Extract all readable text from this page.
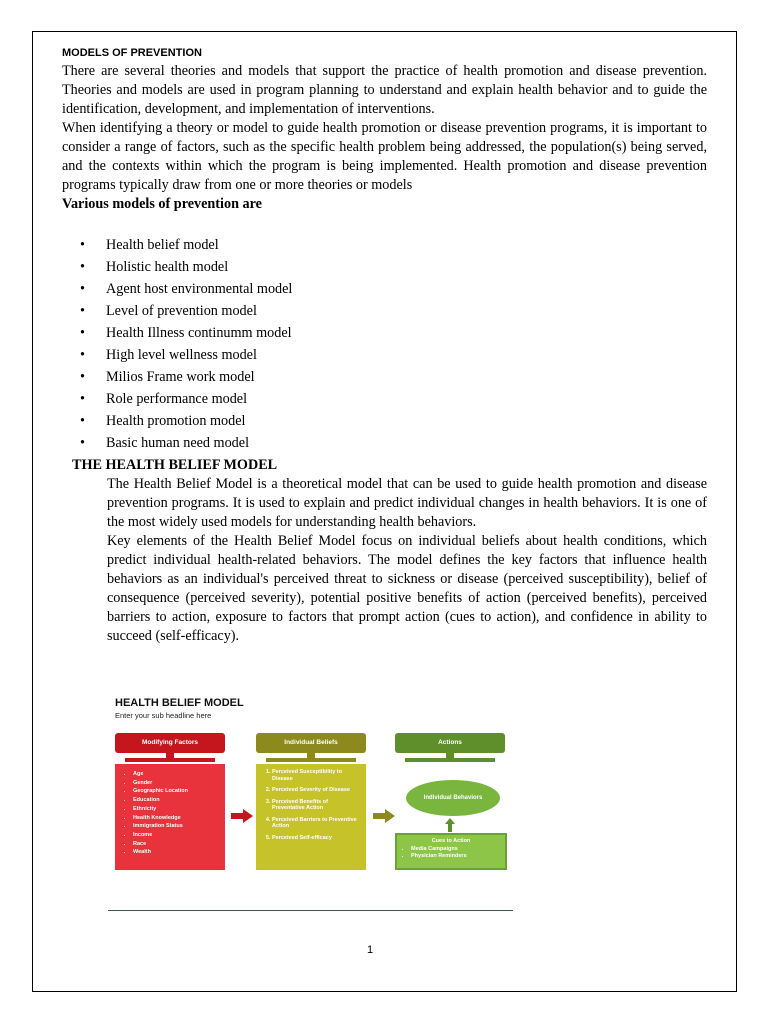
MODELS OF PREVENTION

There are several theories and models that support the practice of health promotion and disease prevention. Theories and models are used in program planning to understand and explain health behavior and to guide the identification, development, and implementation of interventions.

When identifying a theory or model to guide health promotion or disease prevention programs, it is important to consider a range of factors, such as the specific health problem being addressed, the population(s) being served, and the contexts within which the program is being implemented. Health promotion and disease prevention programs typically draw from one or more theories or models

Various models of prevention are
• Health belief model
• Holistic health model
• Agent host environmental model
• Level of prevention model
• Health Illness continumm model
• High level wellness model
• Milios Frame work model
• Role performance model
• Health promotion model
• Basic human need model
THE HEALTH BELIEF MODEL

The Health Belief Model is a theoretical model that can be used to guide health promotion and disease prevention programs. It is used to explain and predict individual changes in health behaviors. It is one of the most widely used models for understanding health behaviors.

Key elements of the Health Belief Model focus on individual beliefs about health conditions, which predict individual health-related behaviors. The model defines the key factors that influence health behaviors as an individual's perceived threat to sickness or disease (perceived susceptibility), belief of consequence (perceived severity), potential positive benefits of action (perceived benefits), perceived barriers to action, exposure to factors that prompt action (cues to action), and confidence in ability to succeed (self-efficacy).

HEALTH BELIEF MODEL
Enter your sub headline here
Modifying Factors
• Age
• Gender
• Geographic Location
• Education
• Ethnicity
• Health Knowledge
• Immigration Status
• Income
• Race
• Wealth
Individual Beliefs
1. Perceived Susceptibility to Disease
2. Perceived Severity of Disease
3. Perceived Benefits of Preventative Action
4. Perceived Barriers to Preventive Action
5. Perceived Self-efficacy
Actions
Individual Behaviors
Cues to Action
• Media Campaigns
• Physician Reminders
1
